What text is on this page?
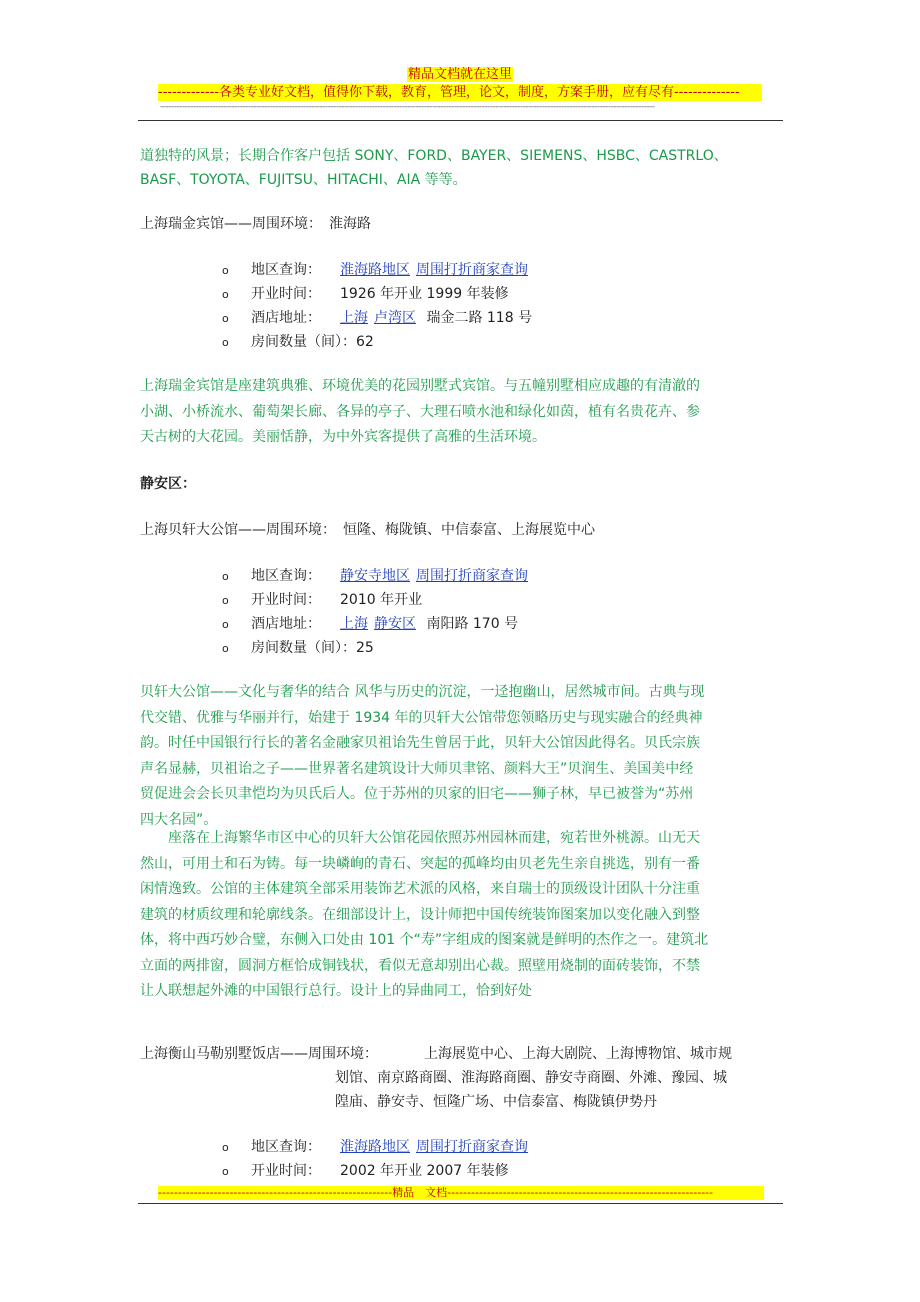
精品文档就在这里
-------------各类专业好文档，值得你下载，教育，管理，论文，制度，方案手册，应有尽有--------------
------------------------------------------------------------------------------------------------------------------------------------------------------------------------------------
道独特的风景；长期合作客户包括 SONY、FORD、BAYER、SIEMENS、HSBC、CASTRLO、
BASF、TOYOTA、FUJITSU、HITACHI、AIA 等等。
上海瑞金宾馆——周围环境：　淮海路
o 地区查询： 淮海路地区 周围打折商家查询
o 开业时间： 1926 年开业 1999 年装修
o 酒店地址： 上海 卢湾区 瑞金二路 118 号
o 房间数量（间）：62
上海瑞金宾馆是座建筑典雅、环境优美的花园别墅式宾馆。与五幢别墅相应成趣的有清澈的
小湖、小桥流水、葡萄架长廊、各异的亭子、大理石喷水池和绿化如茵，植有名贵花卉、参
天古树的大花园。美丽恬静，为中外宾客提供了高雅的生活环境。
静安区：
上海贝轩大公馆——周围环境：　恒隆、梅陇镇、中信泰富、上海展览中心
o 地区查询： 静安寺地区 周围打折商家查询
o 开业时间： 2010 年开业
o 酒店地址： 上海 静安区 南阳路 170 号
o 房间数量（间）：25
贝轩大公馆——文化与奢华的结合 风华与历史的沉淀，一迳抱幽山，居然城市间。古典与现
代交错、优雅与华丽并行，始建于 1934 年的贝轩大公馆带您领略历史与现实融合的经典神
韵。时任中国银行行长的著名金融家贝祖诒先生曾居于此，贝轩大公馆因此得名。贝氏宗族
声名显赫，贝祖诒之子——世界著名建筑设计大师贝聿铭、颜料大王”贝润生、美国美中经
贸促进会会长贝聿恺均为贝氏后人。位于苏州的贝家的旧宅——狮子林，早已被誉为“苏州
四大名园”。
　　座落在上海繁华市区中心的贝轩大公馆花园依照苏州园林而建，宛若世外桃源。山无天
然山，可用土和石为铸。每一块嶙峋的青石、突起的孤峰均由贝老先生亲自挑选，别有一番
闲情逸致。公馆的主体建筑全部采用装饰艺术派的风格，来自瑞士的顶级设计团队十分注重
建筑的材质纹理和轮廓线条。在细部设计上，设计师把中国传统装饰图案加以变化融入到整
体，将中西巧妙合璧，东侧入口处由 101 个“寿”字组成的图案就是鲜明的杰作之一。建筑北
立面的两排窗，圆洞方框恰成铜钱状，看似无意却别出心裁。照壁用烧制的面砖装饰，不禁
让人联想起外滩的中国银行总行。设计上的异曲同工，恰到好处
上海衡山马勒别墅饭店——周围环境：	上海展览中心、上海大剧院、上海博物馆、城市规
划馆、南京路商圈、淮海路商圈、静安寺商圈、外滩、豫园、城
隍庙、静安寺、恒隆广场、中信泰富、梅陇镇伊势丹
o 地区查询： 淮海路地区 周围打折商家查询
o 开业时间： 2002 年开业 2007 年装修
-----------------------------------------------------------精品　文档-------------------------------------------------------------------
